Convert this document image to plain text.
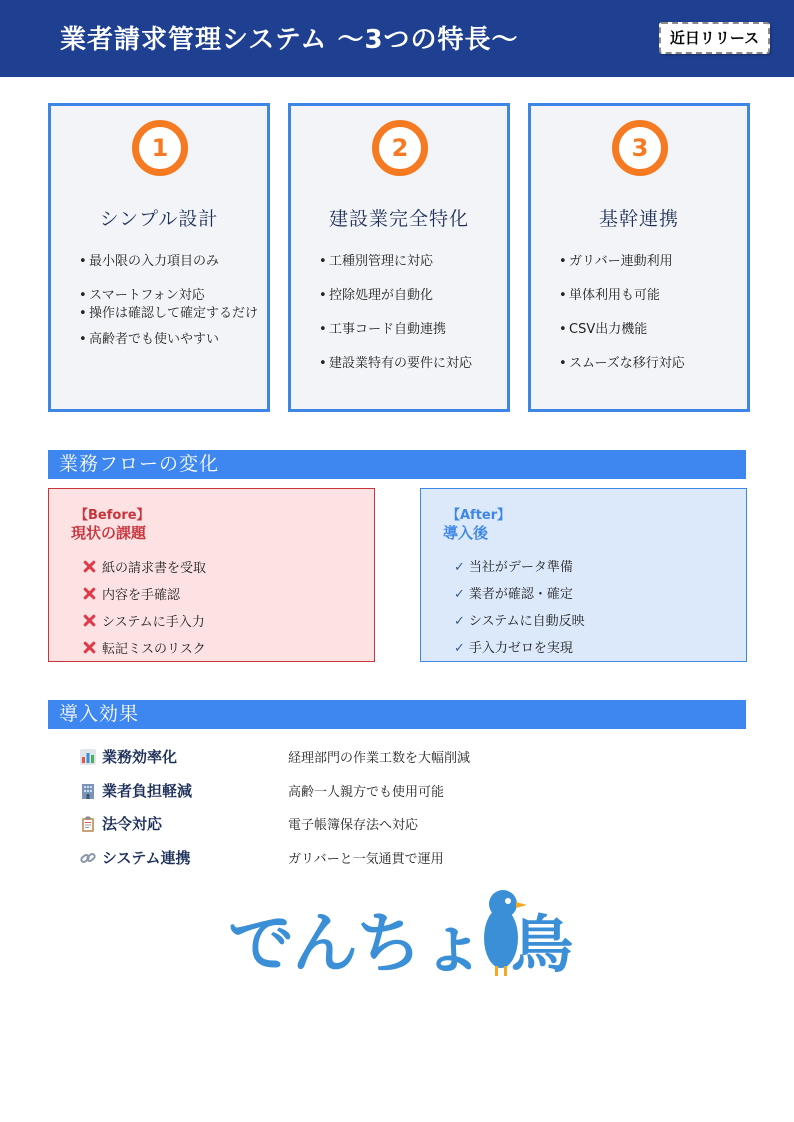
業者請求管理システム ～3つの特長～	近日リリース
1
シンプル設計
• 最小限の入力項目のみ
• スマートフォン対応
• 操作は確認して確定するだけ
• 高齢者でも使いやすい
2
建設業完全特化
• 工種別管理に対応
• 控除処理が自動化
• 工事コード自動連携
• 建設業特有の要件に対応
3
基幹連携
• ガリバー連動利用
• 単体利用も可能
• CSV出力機能
• スムーズな移行対応
業務フローの変化
【Before】
現状の課題
紙の請求書を受取
内容を手確認
システムに手入力
転記ミスのリスク
【After】
導入後
✓ 当社がデータ準備
✓ 業者が確認・確定
✓ システムに自動反映
✓ 手入力ゼロを実現
導入効果
業務効率化	経理部門の作業工数を大幅削減
業者負担軽減	高齢一人親方でも使用可能
法令対応	電子帳簿保存法へ対応
システム連携	ガリバーと一気通貫で運用
でんちょ 鳥
